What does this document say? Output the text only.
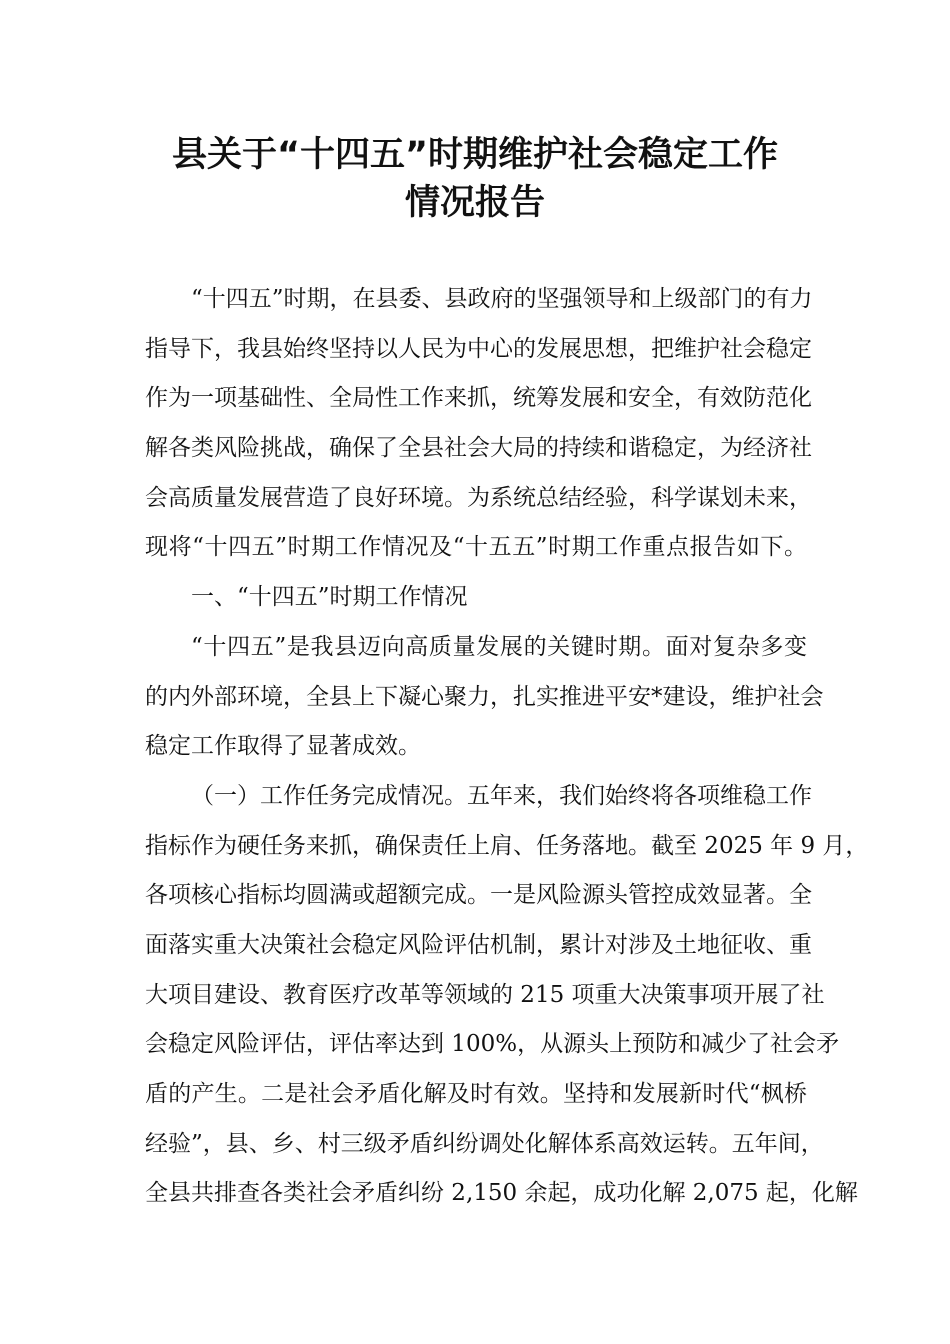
县关于“十四五”时期维护社会稳定工作
情况报告
“十四五”时期，在县委、县政府的坚强领导和上级部门的有力
指导下，我县始终坚持以人民为中心的发展思想，把维护社会稳定
作为一项基础性、全局性工作来抓，统筹发展和安全，有效防范化
解各类风险挑战，确保了全县社会大局的持续和谐稳定，为经济社
会高质量发展营造了良好环境。为系统总结经验，科学谋划未来，
现将“十四五”时期工作情况及“十五五”时期工作重点报告如下。
一、“十四五”时期工作情况
“十四五”是我县迈向高质量发展的关键时期。面对复杂多变
的内外部环境，全县上下凝心聚力，扎实推进平安*建设，维护社会
稳定工作取得了显著成效。
（一）工作任务完成情况。五年来，我们始终将各项维稳工作
指标作为硬任务来抓，确保责任上肩、任务落地。截至 2025 年 9 月，
各项核心指标均圆满或超额完成。一是风险源头管控成效显著。全
面落实重大决策社会稳定风险评估机制，累计对涉及土地征收、重
大项目建设、教育医疗改革等领域的 215 项重大决策事项开展了社
会稳定风险评估，评估率达到 100%，从源头上预防和减少了社会矛
盾的产生。二是社会矛盾化解及时有效。坚持和发展新时代“枫桥
经验”，县、乡、村三级矛盾纠纷调处化解体系高效运转。五年间，
全县共排查各类社会矛盾纠纷 2,150 余起，成功化解 2,075 起，化解
